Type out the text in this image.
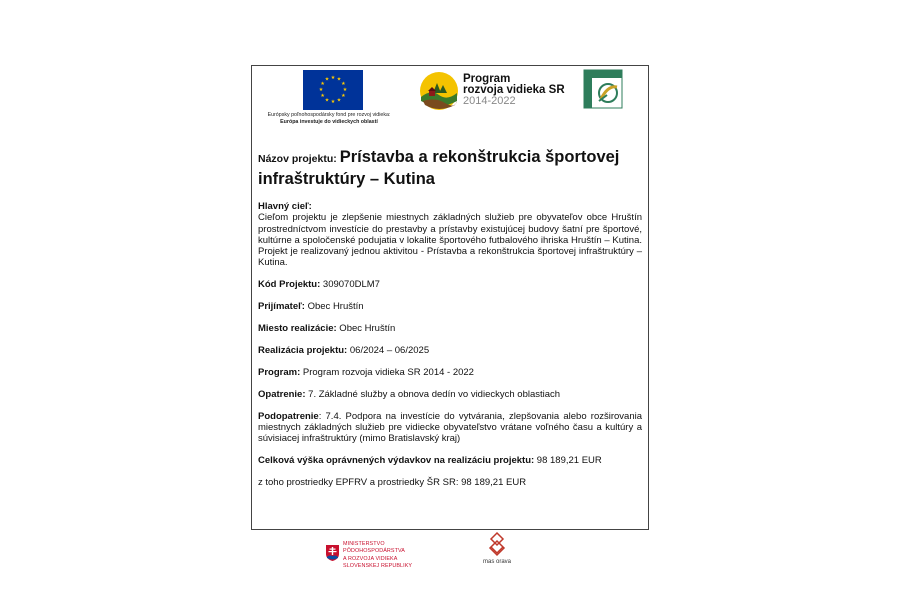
★ ★
★
★
★
★
★
★
★
★
★
★
Európsky poľnohospodársky fond pre rozvoj vidieka:
Európa investuje do vidieckych oblastí
Program
rozvoja vidieka SR
2014-2022
Názov projektu: Prístavba a rekonštrukcia športovej infraštruktúry – Kutina
Hlavný cieľ:
Cieľom projektu je zlepšenie miestnych základných služieb pre obyvateľov obce Hruštín prostredníctvom investície do prestavby a prístavby existujúcej budovy šatní pre športové, kultúrne a spoločenské podujatia v lokalite športového futbalového ihriska Hruštín – Kutina. Projekt je realizovaný jednou aktivitou - Prístavba a rekonštrukcia športovej infraštruktúry – Kutina.
Kód Projektu: 309070DLM7
Prijímateľ: Obec Hruštín
Miesto realizácie: Obec Hruštín
Realizácia projektu: 06/2024 – 06/2025
Program: Program rozvoja vidieka SR 2014 - 2022
Opatrenie: 7. Základné služby a obnova dedín vo vidieckych oblastiach
Podopatrenie: 7.4. Podpora na investície do vytvárania, zlepšovania alebo rozširovania miestnych základných služieb pre vidiecke obyvateľstvo vrátane voľného času a kultúry a súvisiacej infraštruktúry (mimo Bratislavský kraj)
Celková výška oprávnených výdavkov na realizáciu projektu: 98 189,21 EUR
z toho prostriedky EPFRV a prostriedky ŠR SR: 98 189,21 EUR
MINISTERSTVO
PÔDOHOSPODÁRSTVA
A ROZVOJA VIDIEKA
SLOVENSKEJ REPUBLIKY
mas orava
